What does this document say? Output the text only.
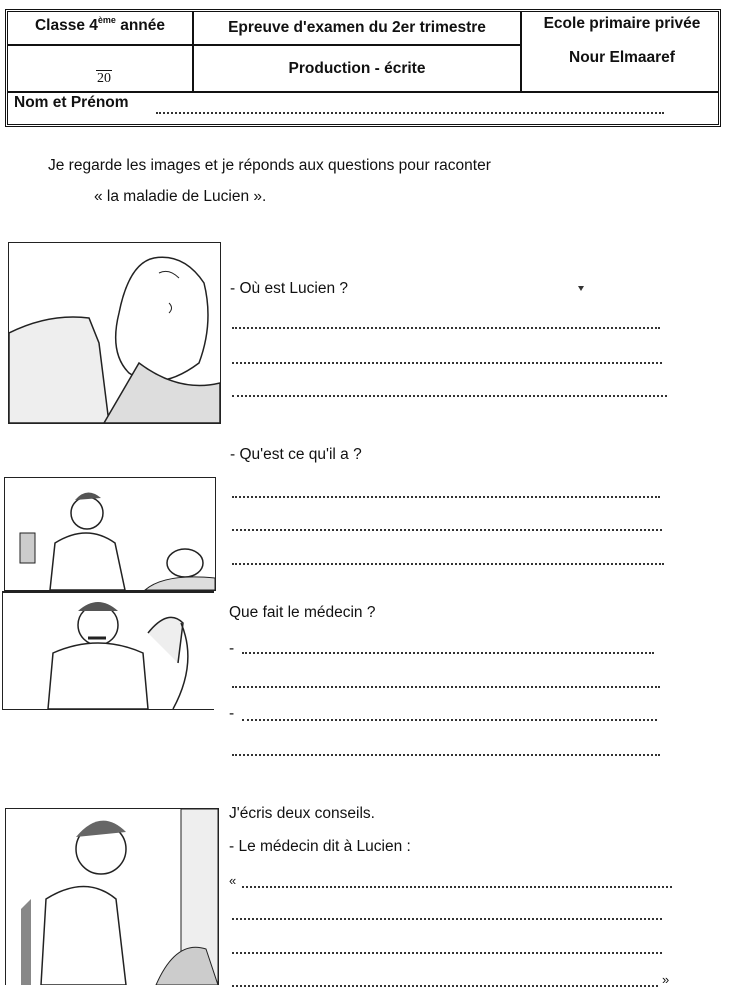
Classe 4ème année	Epreuve d'examen du 2er trimestre	Ecole primaire privée
Nour Elmaaref
20
Production - écrite
Nom et Prénom
Je regarde les images et je réponds aux questions pour raconter
« la maladie de Lucien ».
- Où est Lucien ?
- Qu'est ce qu'il a ?
Que fait le médecin ?
-
-
J'écris deux conseils.
- Le médecin dit à Lucien :
«
»
